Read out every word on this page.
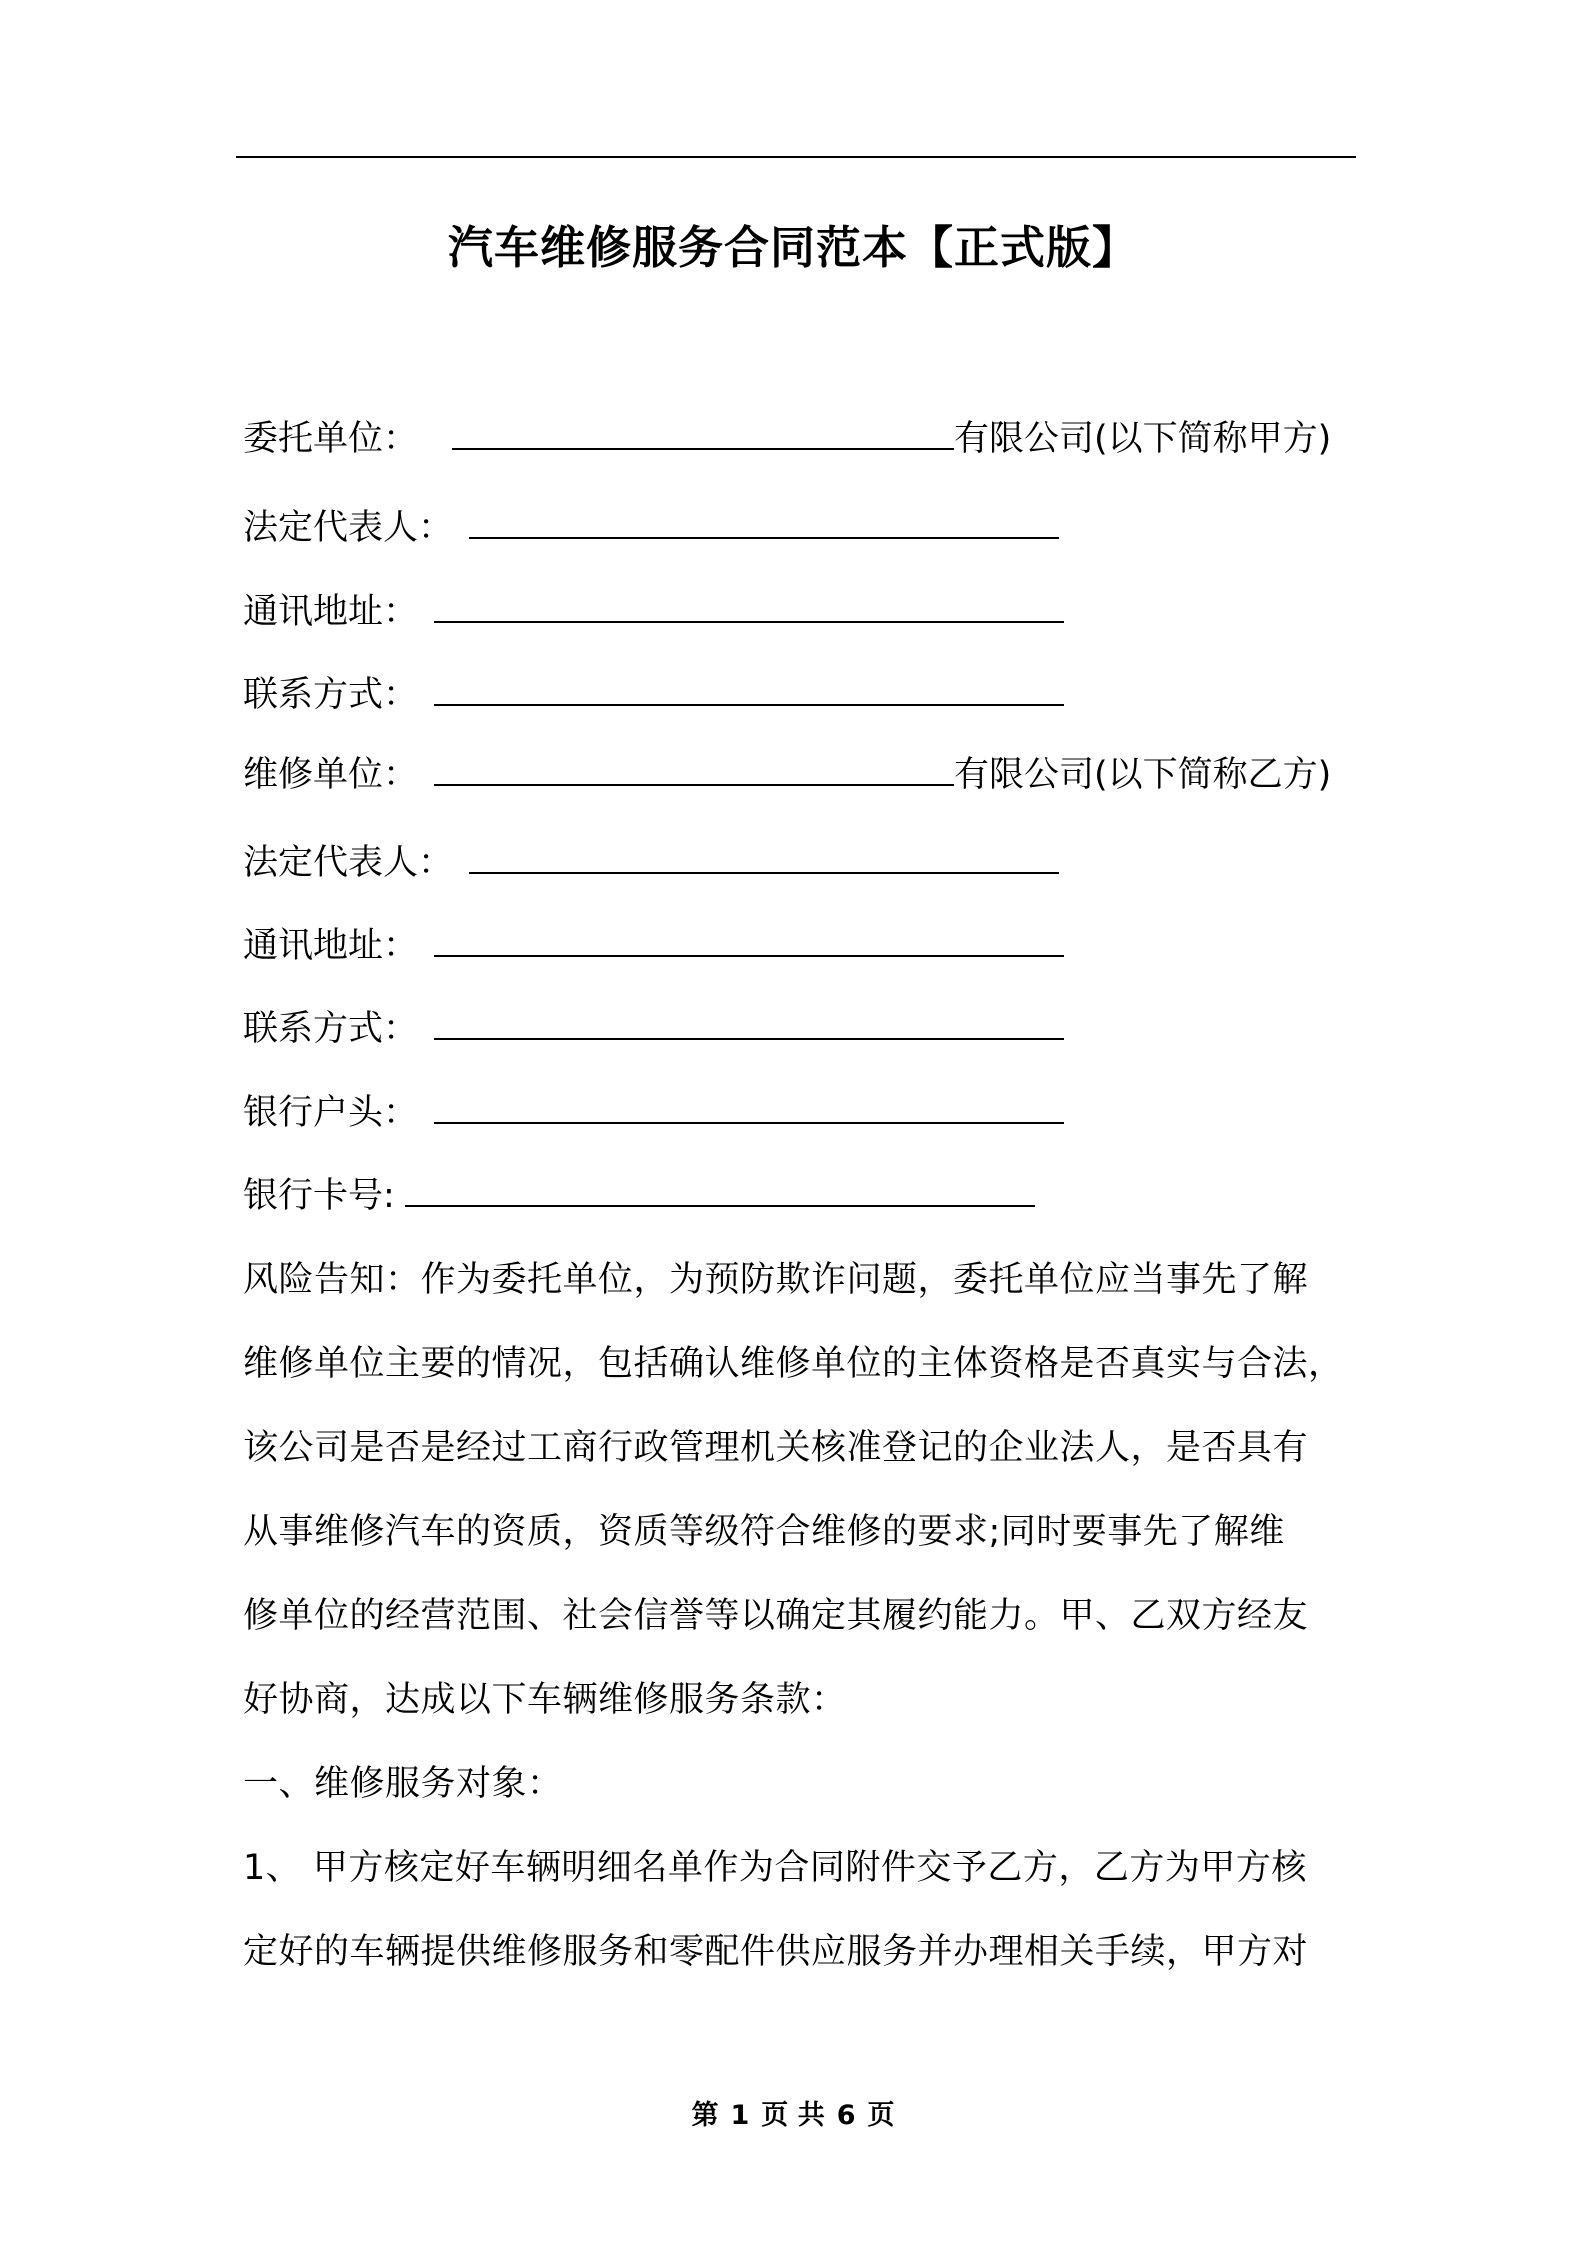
汽车维修服务合同范本【正式版】
委托单位：	有限公司(以下简称甲方)
法定代表人：
通讯地址：
联系方式：
维修单位：	有限公司(以下简称乙方)
法定代表人：
通讯地址：
联系方式：
银行户头：
银行卡号:
风险告知：作为委托单位，为预防欺诈问题，委托单位应当事先了解
维修单位主要的情况，包括确认维修单位的主体资格是否真实与合法，
该公司是否是经过工商行政管理机关核准登记的企业法人，是否具有
从事维修汽车的资质，资质等级符合维修的要求;同时要事先了解维
修单位的经营范围、社会信誉等以确定其履约能力。甲、乙双方经友
好协商，达成以下车辆维修服务条款：
一、维修服务对象：
1、 甲方核定好车辆明细名单作为合同附件交予乙方，乙方为甲方核
定好的车辆提供维修服务和零配件供应服务并办理相关手续，甲方对
第 1 页 共 6 页
